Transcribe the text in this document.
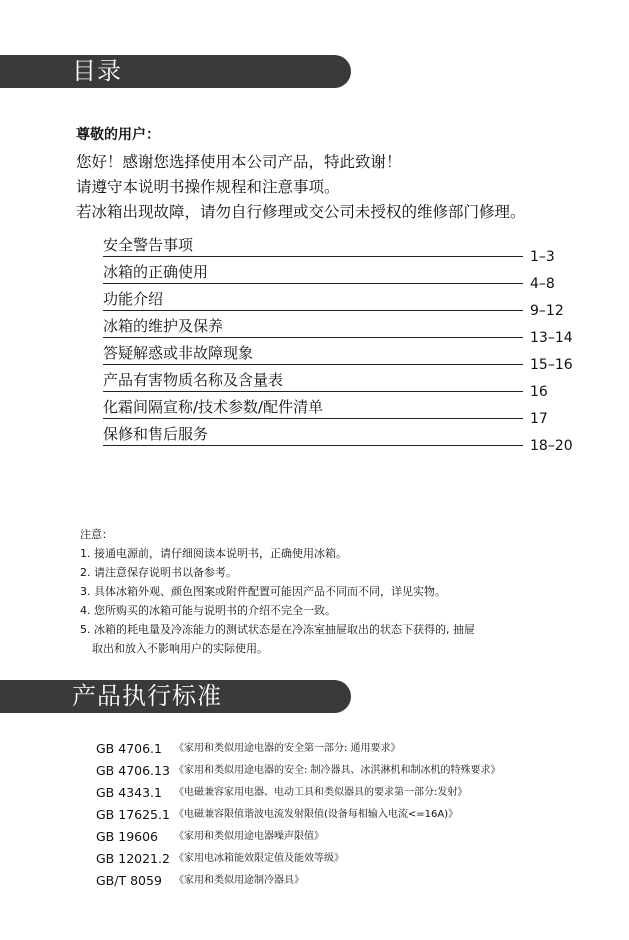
目录
尊敬的用户：
您好！感谢您选择使用本公司产品，特此致谢！
请遵守本说明书操作规程和注意事项。
若冰箱出现故障，请勿自行修理或交公司未授权的维修部门修理。
安全警告事项
1–3
冰箱的正确使用
4–8
功能介绍
9–12
冰箱的维护及保养
13–14
答疑解惑或非故障现象
15–16
产品有害物质名称及含量表
16
化霜间隔宣称/技术参数/配件清单
17
保修和售后服务
18–20
注意：
1. 接通电源前，请仔细阅读本说明书，正确使用冰箱。
2. 请注意保存说明书以备参考。
3. 具体冰箱外观、颜色图案或附件配置可能因产品不同而不同，详见实物。
4. 您所购买的冰箱可能与说明书的介绍不完全一致。
5. 冰箱的耗电量及冷冻能力的测试状态是在冷冻室抽屉取出的状态下获得的, 抽屉
取出和放入不影响用户的实际使用。
产品执行标准
GB 4706.1 《家用和类似用途电器的安全第一部分: 通用要求》
GB 4706.13 《家用和类似用途电器的安全: 制冷器具、冰淇淋机和制冰机的特殊要求》
GB 4343.1 《电磁兼容家用电器、电动工具和类似器具的要求第一部分:发射》
GB 17625.1 《电磁兼容限值谐波电流发射限值(设备每相输入电流<=16A)》
GB 19606 《家用和类似用途电器噪声限值》
GB 12021.2 《家用电冰箱能效限定值及能效等级》
GB/T 8059 《家用和类似用途制冷器具》
